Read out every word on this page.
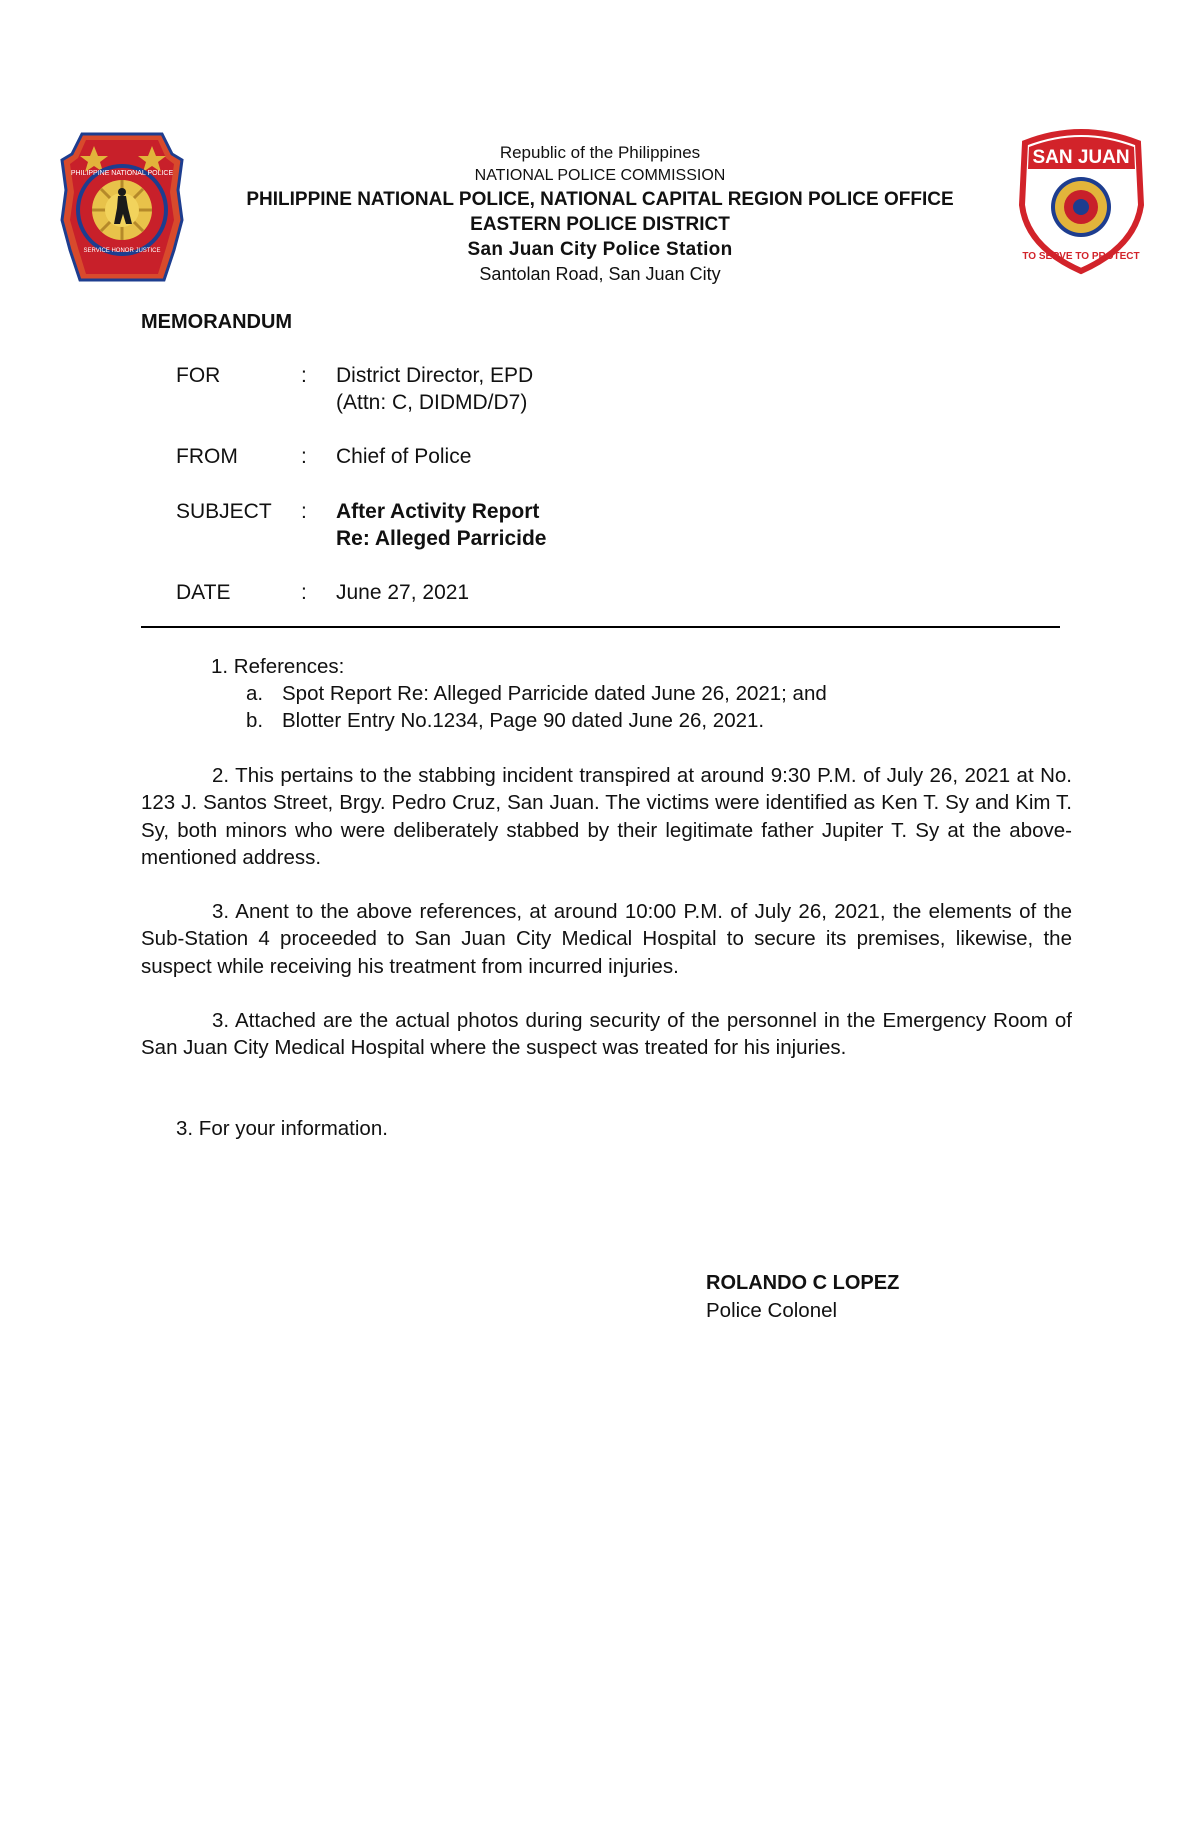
PHILIPPINE NATIONAL POLICE
SERVICE HONOR JUSTICE
SAN JUAN
TO SERVE TO PROTECT
Republic of the Philippines
NATIONAL POLICE COMMISSION
PHILIPPINE NATIONAL POLICE, NATIONAL CAPITAL REGION POLICE OFFICE
EASTERN POLICE DISTRICT
San Juan City Police Station
Santolan Road, San Juan City
MEMORANDUM
FOR	: District Director, EPD
(Attn: C, DIDMD/D7)
FROM	: Chief of Police
SUBJECT	: After Activity Report
Re: Alleged Parricide
DATE	: June 27, 2021
1. References:
a. Spot Report Re: Alleged Parricide dated June 26, 2021; and
b. Blotter Entry No.1234, Page 90 dated June 26, 2021.
2. This pertains to the stabbing incident transpired at around 9:30 P.M. of July 26, 2021 at No. 123 J. Santos Street, Brgy. Pedro Cruz, San Juan. The victims were identified as Ken T. Sy and Kim T. Sy, both minors who were deliberately stabbed by their legitimate father Jupiter T. Sy at the above-mentioned address.
3. Anent to the above references, at around 10:00 P.M. of July 26, 2021, the elements of the Sub-Station 4 proceeded to San Juan City Medical Hospital to secure its premises, likewise, the suspect while receiving his treatment from incurred injuries.
3. Attached are the actual photos during security of the personnel in the Emergency Room of San Juan City Medical Hospital where the suspect was treated for his injuries.
3. For your information.
ROLANDO C LOPEZ
Police Colonel
